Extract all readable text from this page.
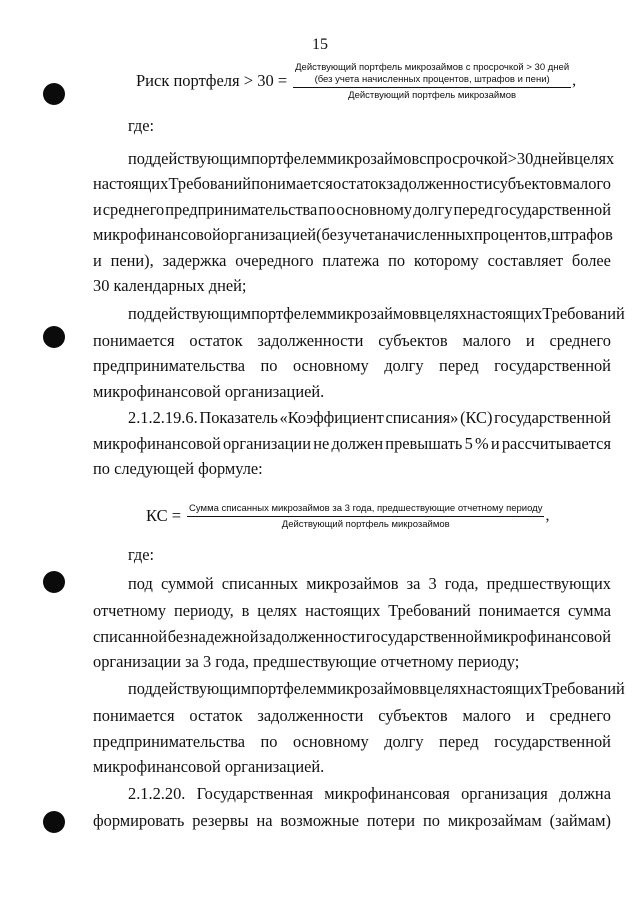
15
Риск портфеля > 30 =
Действующий портфель микрозаймов с просрочкой > 30 дней
(без учета начисленных процентов, штрафов и пени)
Действующий портфель микрозаймов
,
где:
под действующим портфелем микрозаймов с просрочкой > 30 дней в целях
настоящих Требований понимается остаток задолженности субъектов малого
и среднего предпринимательства по основному долгу перед государственной
микрофинансовой организацией (без учета начисленных процентов, штрафов
и пени), задержка очередного платежа по которому составляет более
30 календарных дней;
под действующим портфелем микрозаймов в целях настоящих Требований
понимается остаток задолженности субъектов малого и среднего
предпринимательства по основному долгу перед государственной
микрофинансовой организацией.
2.1.2.19.6. Показатель «Коэффициент списания» (КС) государственной
микрофинансовой организации не должен превышать 5 % и рассчитывается
по следующей формуле:
КС = Сумма списанных микрозаймов за 3 года, предшествующие отчетному периоду
Действующий портфель микрозаймов	,
где:
под суммой списанных микрозаймов за 3 года, предшествующих
отчетному периоду, в целях настоящих Требований понимается сумма
списанной безнадежной задолженности государственной микрофинансовой
организации за 3 года, предшествующие отчетному периоду;
под действующим портфелем микрозаймов в целях настоящих Требований
понимается остаток задолженности субъектов малого и среднего
предпринимательства по основному долгу перед государственной
микрофинансовой организацией.
2.1.2.20. Государственная микрофинансовая организация должна
формировать резервы на возможные потери по микрозаймам (займам)
